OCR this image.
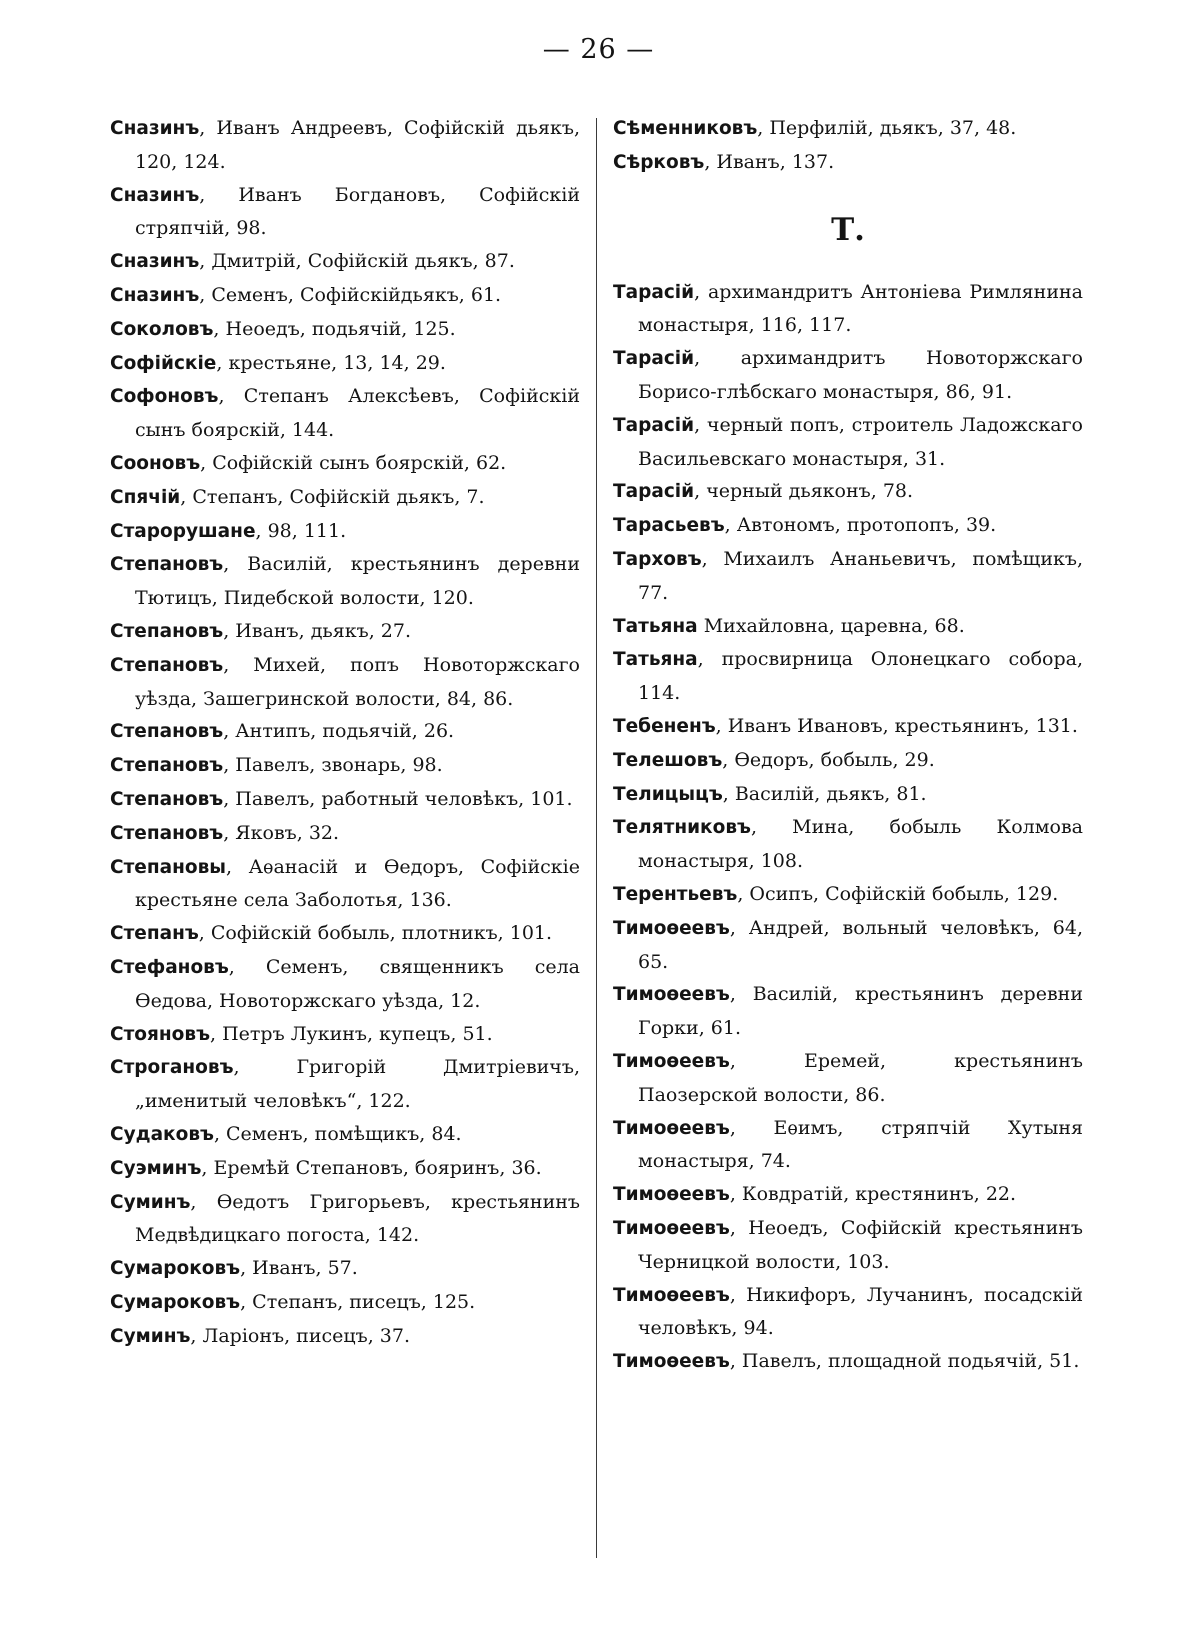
— 26 —
Сназинъ, Иванъ Андреевъ, Софійскій дьякъ, 120, 124.
Сназинъ, Иванъ Богдановъ, Софійскій стряпчій, 98.
Сназинъ, Дмитрій, Софійскій дьякъ, 87.
Сназинъ, Семенъ, Софійскійдьякъ, 61.
Соколовъ, Неоедъ, подьячій, 125.
Софійскіе, крестьяне, 13, 14, 29.
Софоновъ, Степанъ Алексѣевъ, Софійскій сынъ боярскій, 144.
Сооновъ, Софійскій сынъ боярскій, 62.
Спячій, Степанъ, Софійскій дьякъ, 7.
Старорушане, 98, 111.
Степановъ, Василій, крестьянинъ деревни Тютицъ, Пидебской волости, 120.
Степановъ, Иванъ, дьякъ, 27.
Степановъ, Михей, попъ Новоторжскаго уѣзда, Зашегринской волости, 84, 86.
Степановъ, Антипъ, подьячій, 26.
Степановъ, Павелъ, звонарь, 98.
Степановъ, Павелъ, работный человѣкъ, 101.
Степановъ, Яковъ, 32.
Степановы, Аѳанасій и Ѳедоръ, Софійскіе крестьяне села Заболотья, 136.
Степанъ, Софійскій бобыль, плотникъ, 101.
Стефановъ, Семенъ, священникъ села Ѳедова, Новоторжскаго уѣзда, 12.
Стояновъ, Петръ Лукинъ, купецъ, 51.
Строгановъ, Григорій Дмитріевичъ, „именитый человѣкъ“, 122.
Судаковъ, Семенъ, помѣщикъ, 84.
Суэминъ, Еремѣй Степановъ, бояринъ, 36.
Суминъ, Ѳедотъ Григорьевъ, крестьянинъ Медвѣдицкаго погоста, 142.
Сумароковъ, Иванъ, 57.
Сумароковъ, Степанъ, писецъ, 125.
Суминъ, Ларіонъ, писецъ, 37.
Сѣменниковъ, Перфилій, дьякъ, 37, 48.
Сѣрковъ, Иванъ, 137.
Т.
Тарасій, архимандритъ Антоніева Римлянина монастыря, 116, 117.
Тарасій, архимандритъ Новоторжскаго Борисо-глѣбскаго монастыря, 86, 91.
Тарасій, черный попъ, строитель Ладожскаго Васильевскаго монастыря, 31.
Тарасій, черный дьяконъ, 78.
Тарасьевъ, Автономъ, протопопъ, 39.
Тарховъ, Михаилъ Ананьевичъ, помѣщикъ, 77.
Татьяна Михайловна, царевна, 68.
Татьяна, просвирница Олонецкаго собора, 114.
Тебененъ, Иванъ Ивановъ, крестьянинъ, 131.
Телешовъ, Ѳедоръ, бобыль, 29.
Телицыцъ, Василій, дьякъ, 81.
Телятниковъ, Мина, бобыль Колмова монастыря, 108.
Терентьевъ, Осипъ, Софійскій бобыль, 129.
Тимоѳеевъ, Андрей, вольный человѣкъ, 64, 65.
Тимоѳеевъ, Василій, крестьянинъ деревни Горки, 61.
Тимоѳеевъ, Еремей, крестьянинъ Паозерской волости, 86.
Тимоѳеевъ, Еѳимъ, стряпчій Хутыня монастыря, 74.
Тимоѳеевъ, Ковдратій, крестянинъ, 22.
Тимоѳеевъ, Неоедъ, Софійскій крестьянинъ Черницкой волости, 103.
Тимоѳеевъ, Никифоръ, Лучанинъ, посадскій человѣкъ, 94.
Тимоѳеевъ, Павелъ, площадной подьячій, 51.
